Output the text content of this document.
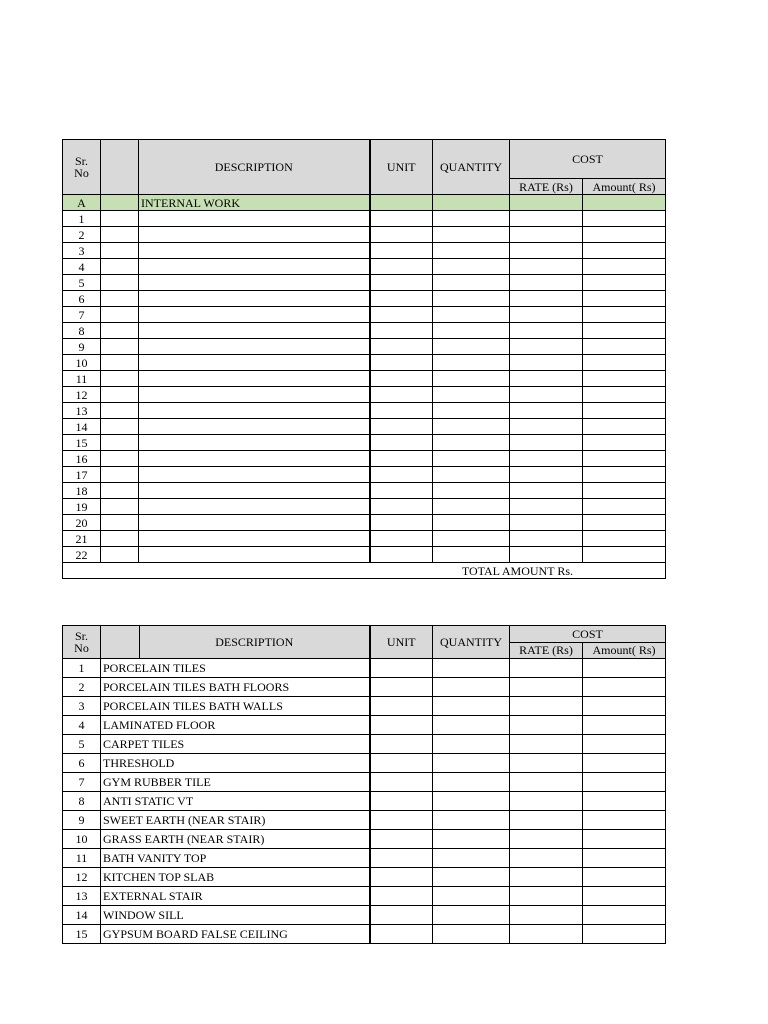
Sr.
No		DESCRIPTION	UNIT	QUANTITY	COST	
					RATE (Rs)	Amount( Rs)
A		INTERNAL WORK				
1						
2						
3						
4						
5						
6						
7						
8						
9						
10						
11						
12						
13						
14						
15						
16						
17						
18						
19						
20						
21						
22						
TOTAL AMOUNT Rs.						
Sr.
No	DESCRIPTION	UNIT	QUANTITY	COST	
				RATE (Rs)	Amount( Rs)
1	PORCELAIN TILES				
2	PORCELAIN TILES BATH FLOORS				
3	PORCELAIN TILES BATH WALLS				
4	LAMINATED FLOOR				
5	CARPET TILES				
6	THRESHOLD				
7	GYM RUBBER TILE				
8	ANTI STATIC VT				
9	SWEET EARTH (NEAR STAIR)				
10	GRASS EARTH (NEAR STAIR)				
11	BATH VANITY TOP				
12	KITCHEN TOP SLAB				
13	EXTERNAL STAIR				
14	WINDOW SILL				
15	GYPSUM BOARD FALSE CEILING				
